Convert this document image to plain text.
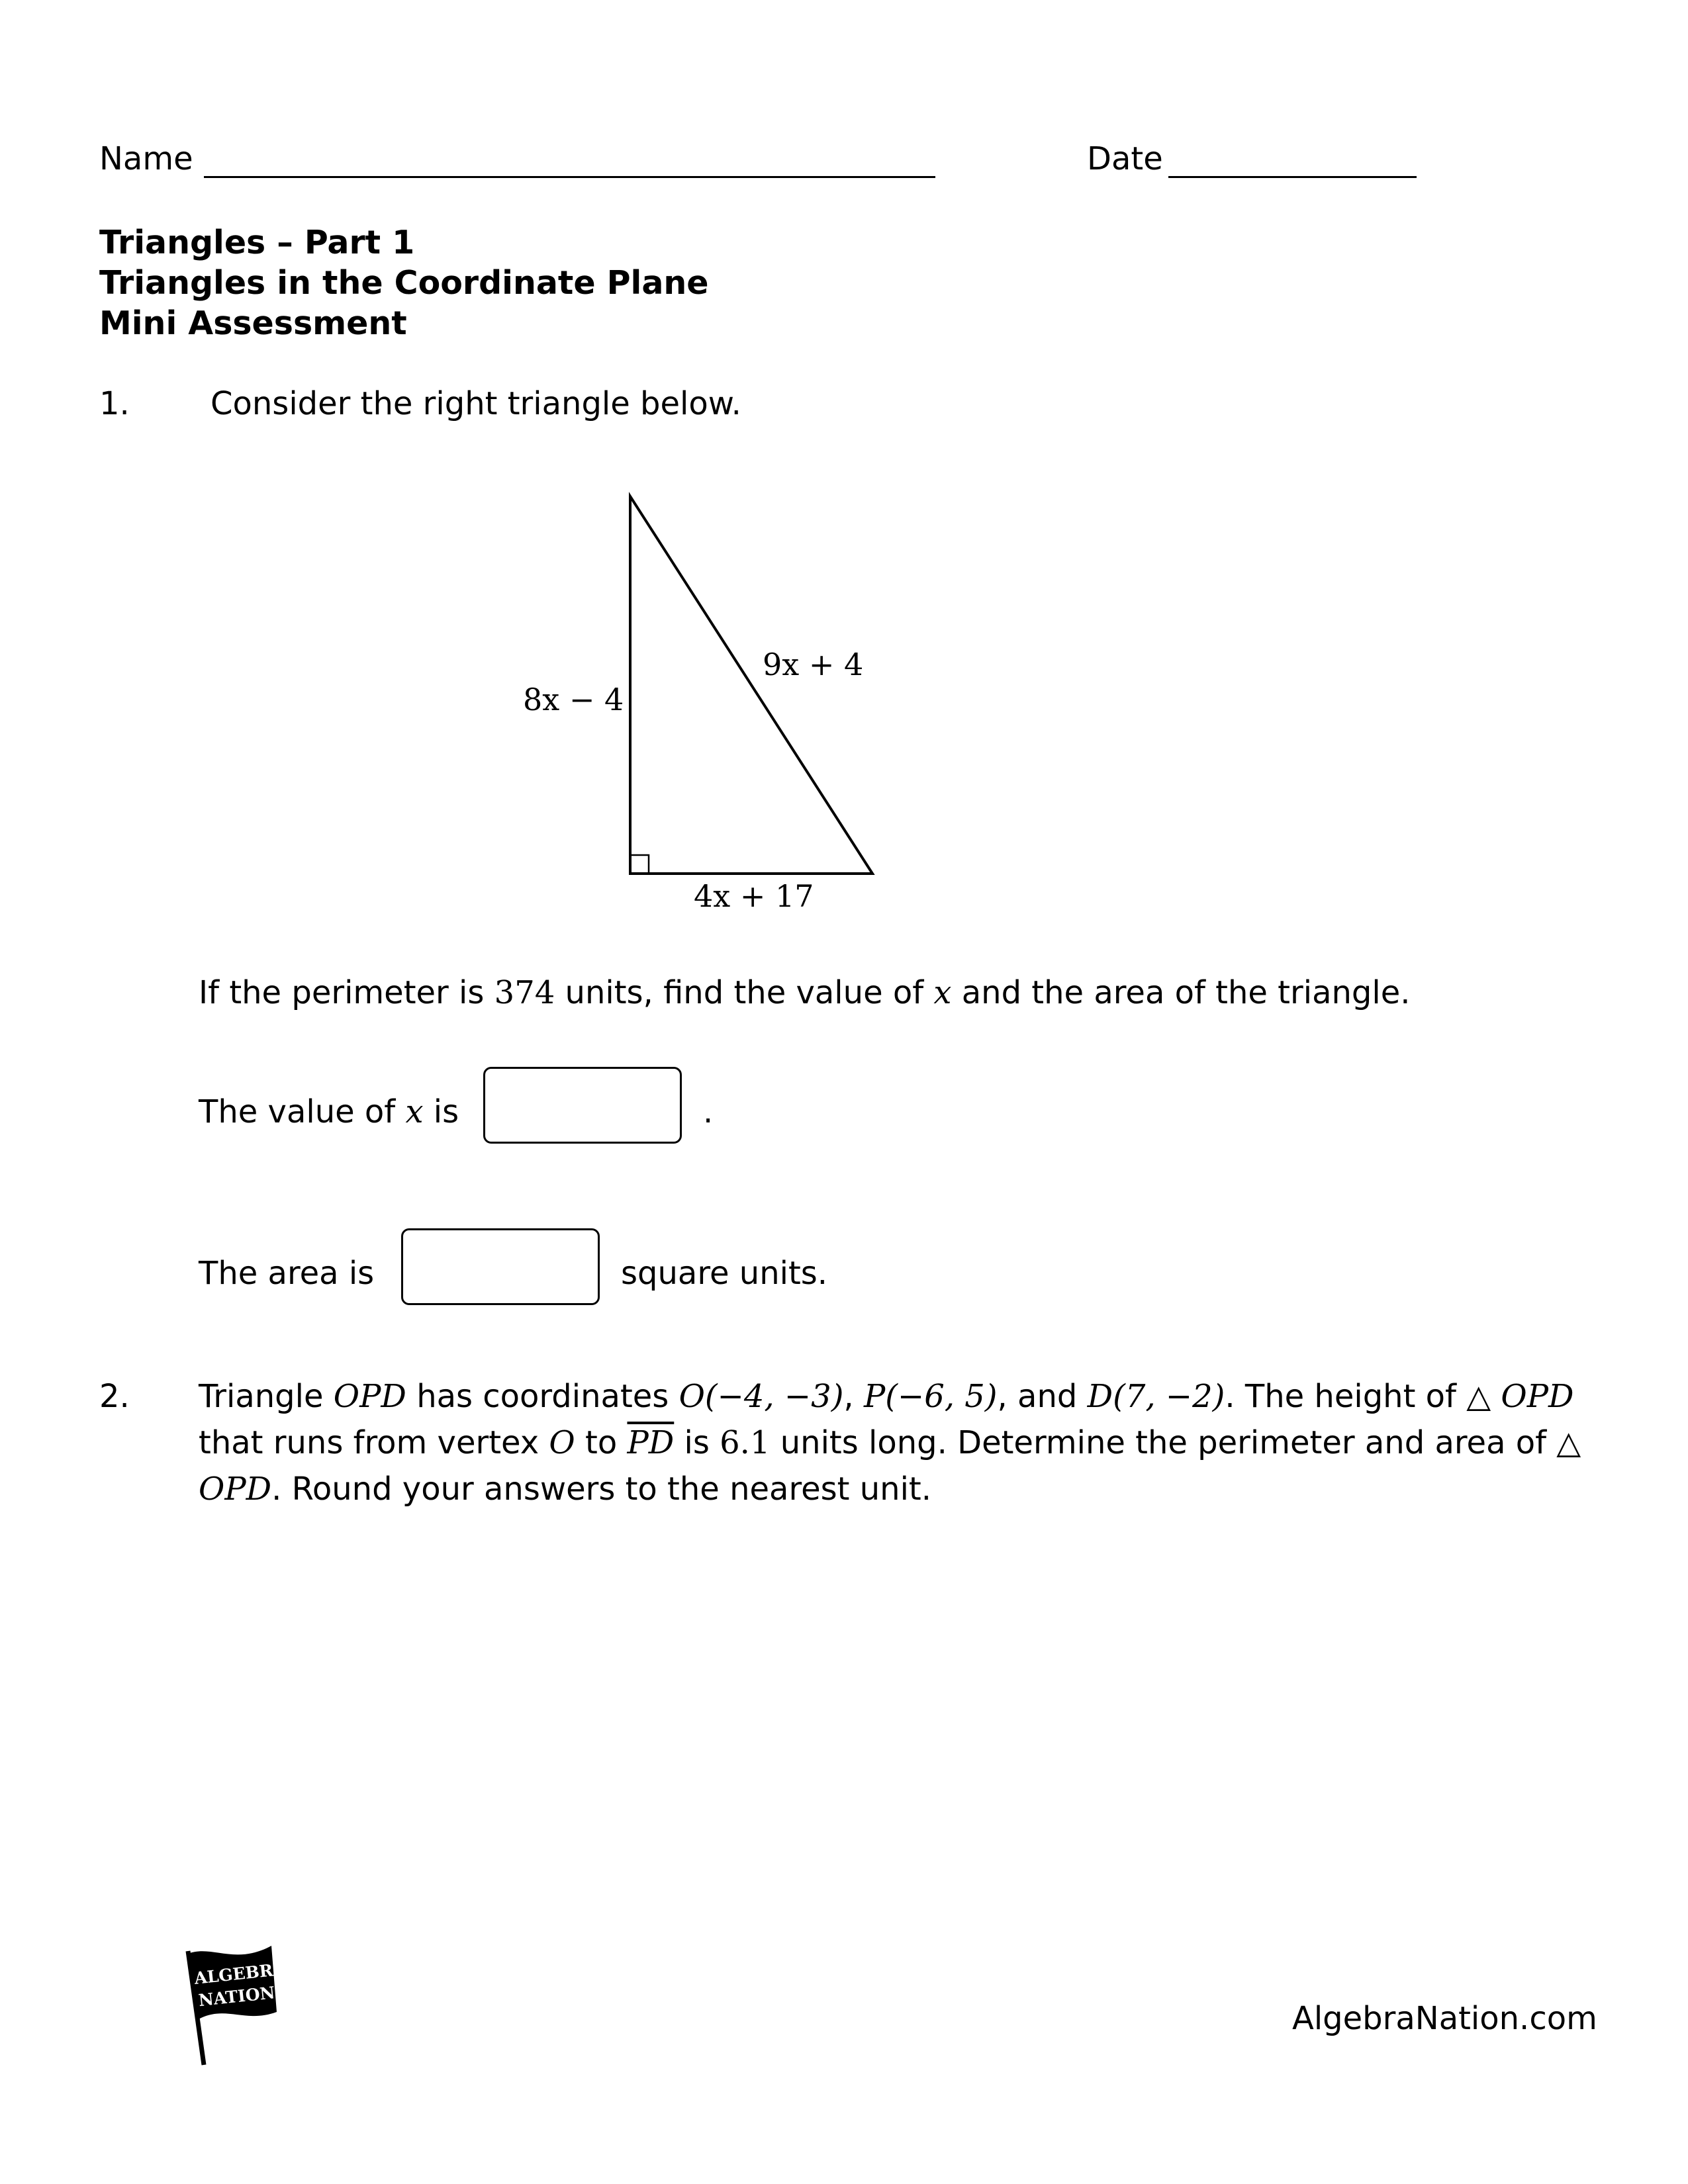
Name	Date
Triangles – Part 1
Triangles in the Coordinate Plane
Mini Assessment
1.	Consider the right triangle below.
8x − 4
9x + 4
4x + 17
If the perimeter is 374 units, find the value of x and the area of the triangle.
The value of x is	.
The area is	square units.
2. Triangle OPD has coordinates O(−4, −3), P(−6, 5), and D(7, −2). The height of △ OPD
that runs from vertex O to $\overline{PD}$ is 6.1 units long. Determine the perimeter and area of △
OPD. Round your answers to the nearest unit.
ALGEBRA
NATION
AlgebraNation.com
